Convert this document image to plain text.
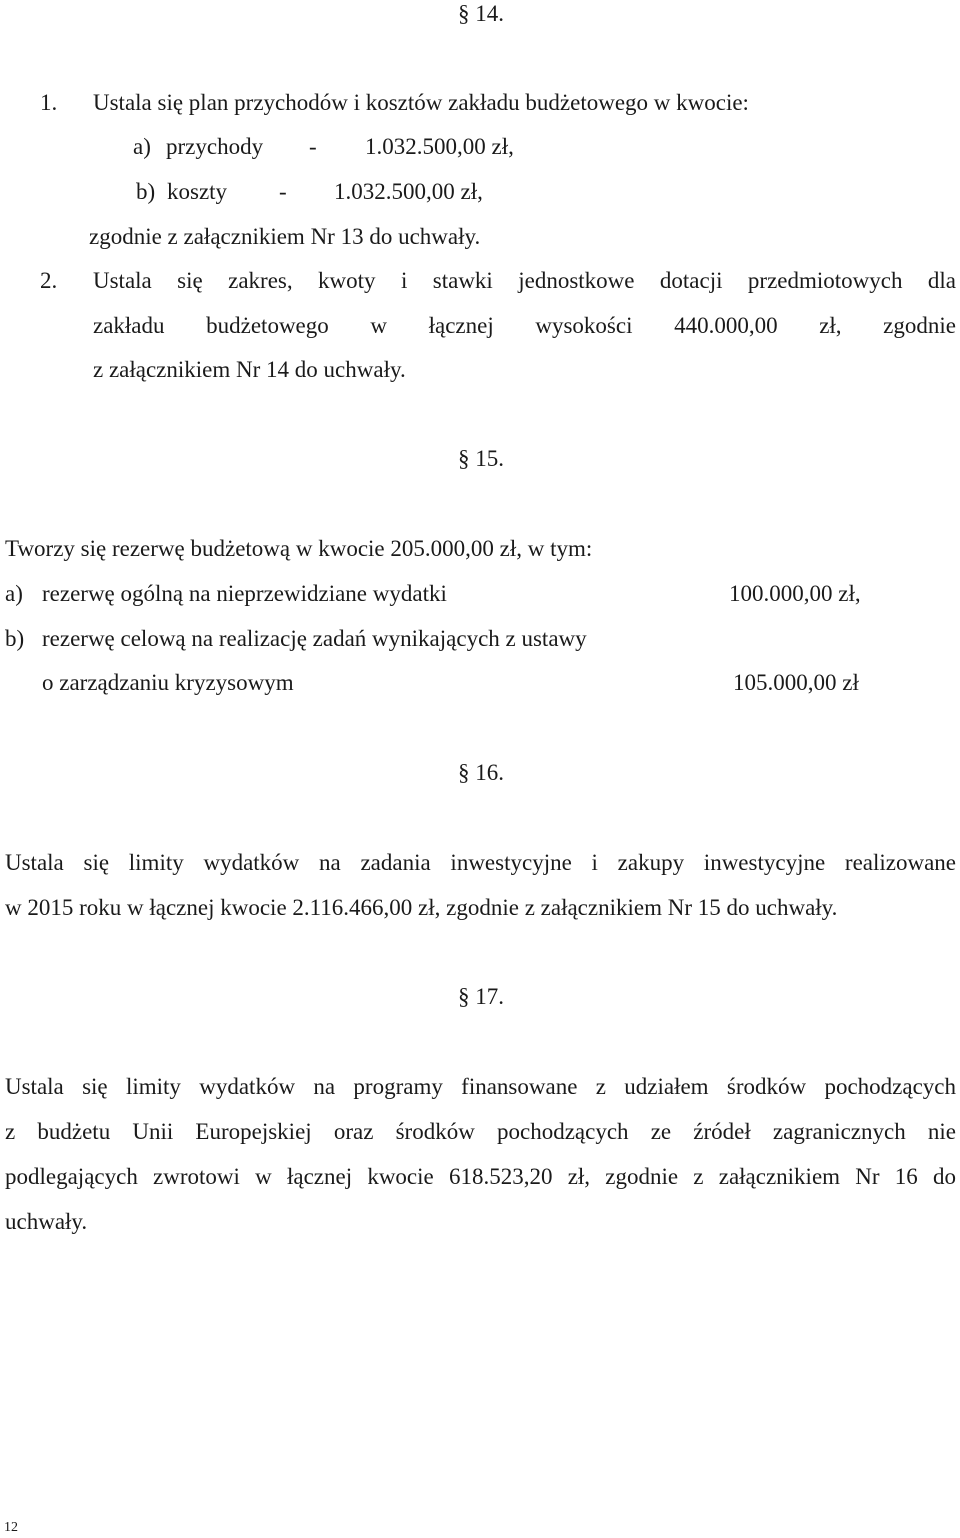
§ 14.
1. Ustala się plan przychodów i kosztów zakładu budżetowego w kwocie:
a) przychody - 1.032.500,00 zł,
b) koszty - 1.032.500,00 zł,
zgodnie z załącznikiem Nr 13 do uchwały.
2. Ustala się zakres, kwoty i stawki jednostkowe dotacji przedmiotowych dla
zakładu budżetowego w łącznej wysokości 440.000,00 zł, zgodnie
z załącznikiem Nr 14 do uchwały.
§ 15.
Tworzy się rezerwę budżetową w kwocie 205.000,00 zł, w tym:
a) rezerwę ogólną na nieprzewidziane wydatki	100.000,00 zł,
b) rezerwę celową na realizację zadań wynikających z ustawy
o zarządzaniu kryzysowym	105.000,00 zł
§ 16.
Ustala się limity wydatków na zadania inwestycyjne i zakupy inwestycyjne realizowane
w 2015 roku w łącznej kwocie 2.116.466,00 zł, zgodnie z załącznikiem Nr 15 do uchwały.
§ 17.
Ustala się limity wydatków na programy finansowane z udziałem środków pochodzących
z budżetu Unii Europejskiej oraz środków pochodzących ze źródeł zagranicznych nie
podlegających zwrotowi w łącznej kwocie 618.523,20 zł, zgodnie z załącznikiem Nr 16 do
uchwały.
12
